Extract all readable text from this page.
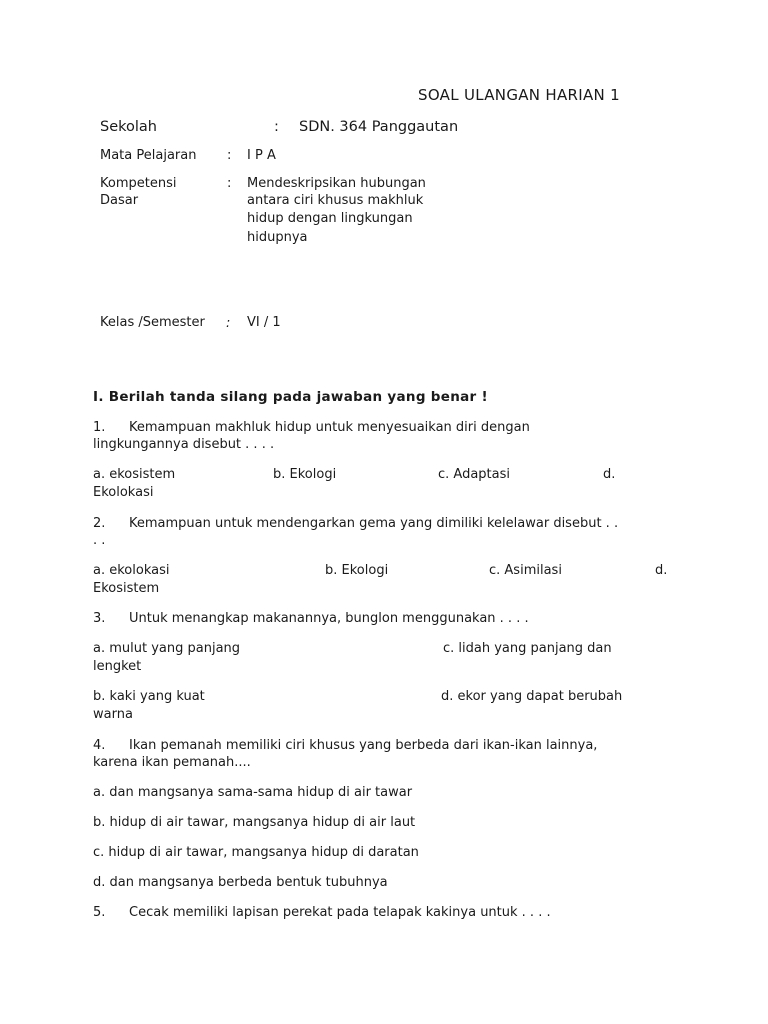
SOAL ULANGAN HARIAN 1
Sekolah	: SDN. 364 Panggautan
Mata Pelajaran : I P A
Kompetensi
Dasar
: Mendeskripsikan hubungan
antara ciri khusus makhluk
hidup dengan lingkungan
hidupnya
Kelas /Semester : VI / 1
I. Berilah tanda silang pada jawaban yang benar !
1. Kemampuan makhluk hidup untuk menyesuaikan diri dengan
lingkungannya disebut . . . .
a. ekosistem	b. Ekologi	c. Adaptasi	d.
Ekolokasi
2. Kemampuan untuk mendengarkan gema yang dimiliki kelelawar disebut . .
. .
a. ekolokasi	b. Ekologi	c. Asimilasi	d.
Ekosistem
3. Untuk menangkap makanannya, bunglon menggunakan . . . .
a. mulut yang panjang	c. lidah yang panjang dan
lengket
b. kaki yang kuat	d. ekor yang dapat berubah
warna
4. Ikan pemanah memiliki ciri khusus yang berbeda dari ikan-ikan lainnya,
karena ikan pemanah....
a. dan mangsanya sama-sama hidup di air tawar
b. hidup di air tawar, mangsanya hidup di air laut
c. hidup di air tawar, mangsanya hidup di daratan
d. dan mangsanya berbeda bentuk tubuhnya
5. Cecak memiliki lapisan perekat pada telapak kakinya untuk . . . .
